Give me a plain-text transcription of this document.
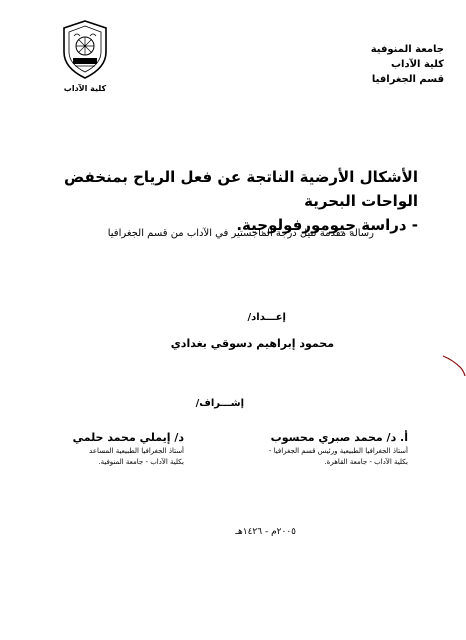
جامعة المنوفية
كلية الآداب
قسم الجغرافيا
كلية الآداب
الأشكال الأرضية الناتجة عن فعل الرياح بمنخفض الواحات البحرية
- دراسة جيومورفولوجية.
رسالة مقدمة لنيل درجة الماجستير في الآداب من قسم الجغرافيا
إعـــداد/
محمود إبراهيم دسوقي بغدادي
إشـــراف/
أ. د/ محمد صبري محسوب
أستاذ الجغرافيا الطبيعية ورئيس قسم الجغرافيا -
بكلية الآداب - جامعة القاهرة.
د/ إيملي محمد حلمي
أستاذ الجغرافيا الطبيعية المساعد
بكلية الآداب - جامعة المنوفية.
٢٠٠٥م - ١٤٢٦هـ
